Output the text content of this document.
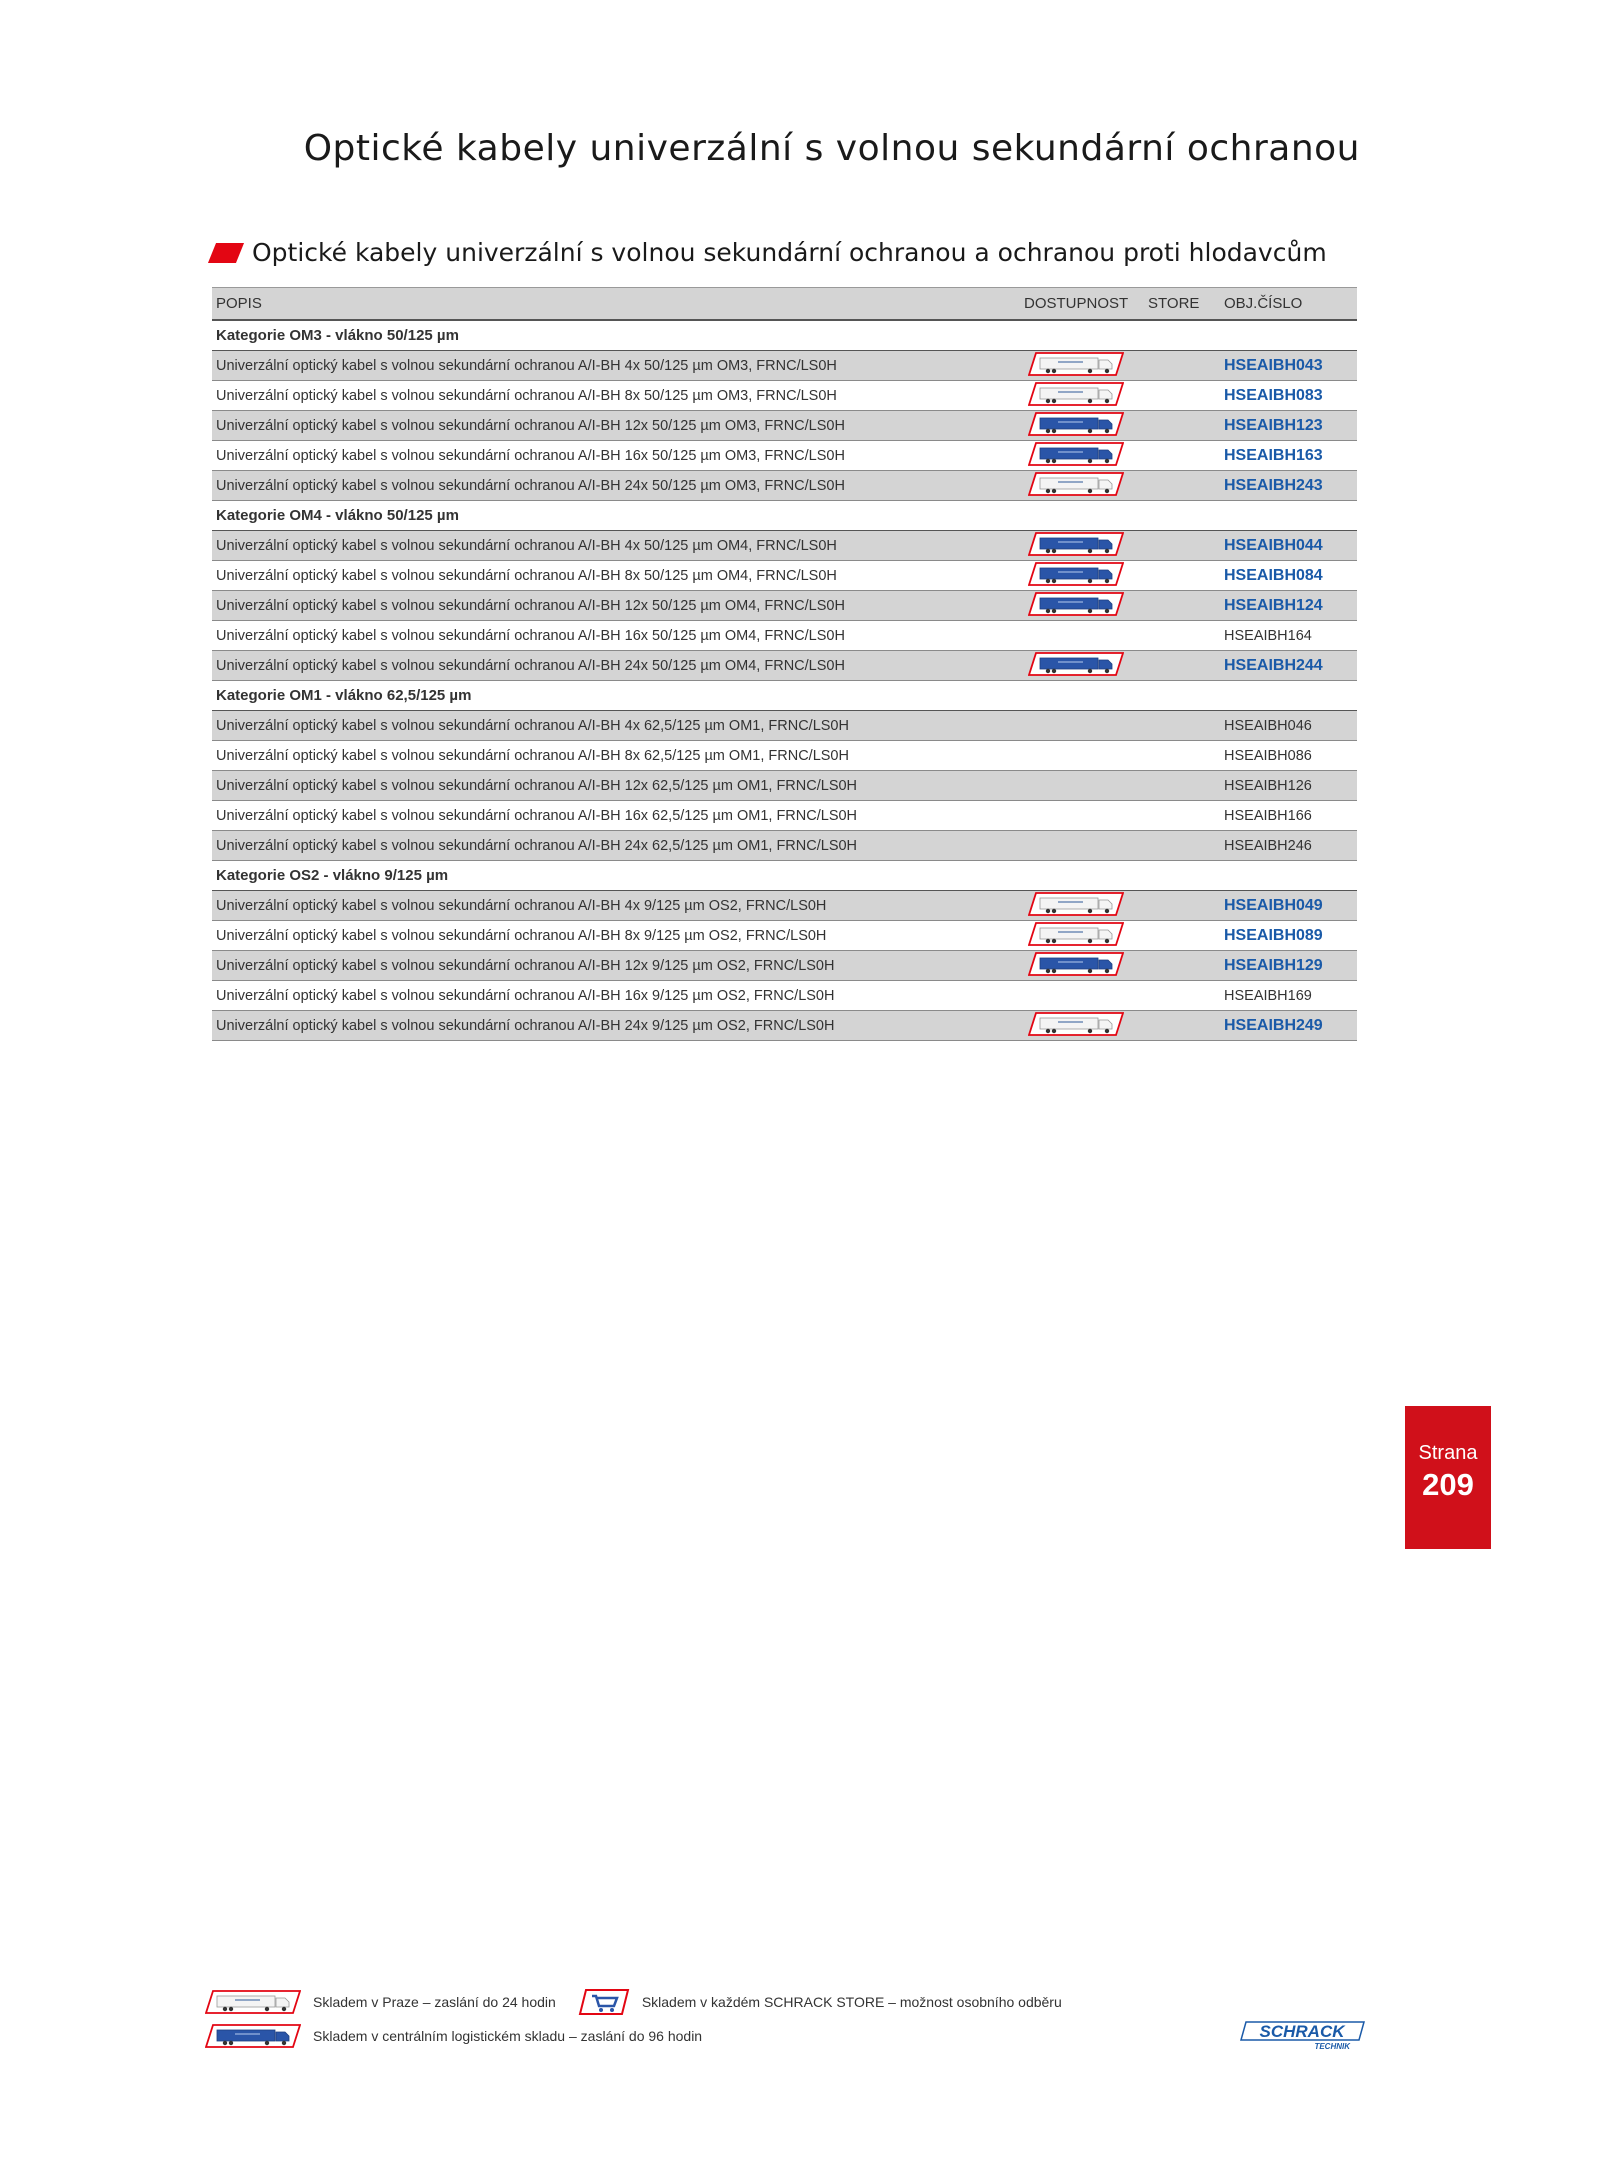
Optické kabely univerzální s volnou sekundární ochranou
Optické kabely univerzální s volnou sekundární ochranou a ochranou proti hlodavcům
POPIS	DOSTUPNOST	STORE	OBJ.ČÍSLO
Kategorie OM3 - vlákno 50/125 µm
Univerzální optický kabel s volnou sekundární ochranou A/I-BH 4x 50/125 µm OM3, FRNC/LS0H	HSEAIBH043
Univerzální optický kabel s volnou sekundární ochranou A/I-BH 8x 50/125 µm OM3, FRNC/LS0H	HSEAIBH083
Univerzální optický kabel s volnou sekundární ochranou A/I-BH 12x 50/125 µm OM3, FRNC/LS0H	HSEAIBH123
Univerzální optický kabel s volnou sekundární ochranou A/I-BH 16x 50/125 µm OM3, FRNC/LS0H	HSEAIBH163
Univerzální optický kabel s volnou sekundární ochranou A/I-BH 24x 50/125 µm OM3, FRNC/LS0H	HSEAIBH243
Kategorie OM4 - vlákno 50/125 µm
Univerzální optický kabel s volnou sekundární ochranou A/I-BH 4x 50/125 µm OM4, FRNC/LS0H	HSEAIBH044
Univerzální optický kabel s volnou sekundární ochranou A/I-BH 8x 50/125 µm OM4, FRNC/LS0H	HSEAIBH084
Univerzální optický kabel s volnou sekundární ochranou A/I-BH 12x 50/125 µm OM4, FRNC/LS0H	HSEAIBH124
Univerzální optický kabel s volnou sekundární ochranou A/I-BH 16x 50/125 µm OM4, FRNC/LS0H	HSEAIBH164
Univerzální optický kabel s volnou sekundární ochranou A/I-BH 24x 50/125 µm OM4, FRNC/LS0H	HSEAIBH244
Kategorie OM1 - vlákno 62,5/125 µm
Univerzální optický kabel s volnou sekundární ochranou A/I-BH 4x 62,5/125 µm OM1, FRNC/LS0H	HSEAIBH046
Univerzální optický kabel s volnou sekundární ochranou A/I-BH 8x 62,5/125 µm OM1, FRNC/LS0H	HSEAIBH086
Univerzální optický kabel s volnou sekundární ochranou A/I-BH 12x 62,5/125 µm OM1, FRNC/LS0H	HSEAIBH126
Univerzální optický kabel s volnou sekundární ochranou A/I-BH 16x 62,5/125 µm OM1, FRNC/LS0H	HSEAIBH166
Univerzální optický kabel s volnou sekundární ochranou A/I-BH 24x 62,5/125 µm OM1, FRNC/LS0H	HSEAIBH246
Kategorie OS2 - vlákno 9/125 µm
Univerzální optický kabel s volnou sekundární ochranou A/I-BH 4x 9/125 µm OS2, FRNC/LS0H	HSEAIBH049
Univerzální optický kabel s volnou sekundární ochranou A/I-BH 8x 9/125 µm OS2, FRNC/LS0H	HSEAIBH089
Univerzální optický kabel s volnou sekundární ochranou A/I-BH 12x 9/125 µm OS2, FRNC/LS0H	HSEAIBH129
Univerzální optický kabel s volnou sekundární ochranou A/I-BH 16x 9/125 µm OS2, FRNC/LS0H	HSEAIBH169
Univerzální optický kabel s volnou sekundární ochranou A/I-BH 24x 9/125 µm OS2, FRNC/LS0H	HSEAIBH249
Strana
209
Skladem v Praze – zaslání do 24 hodin	Skladem v každém SCHRACK STORE – možnost osobního odběru
Skladem v centrálním logistickém skladu – zaslání do 96 hodin	SCHRACK
TECHNIK
